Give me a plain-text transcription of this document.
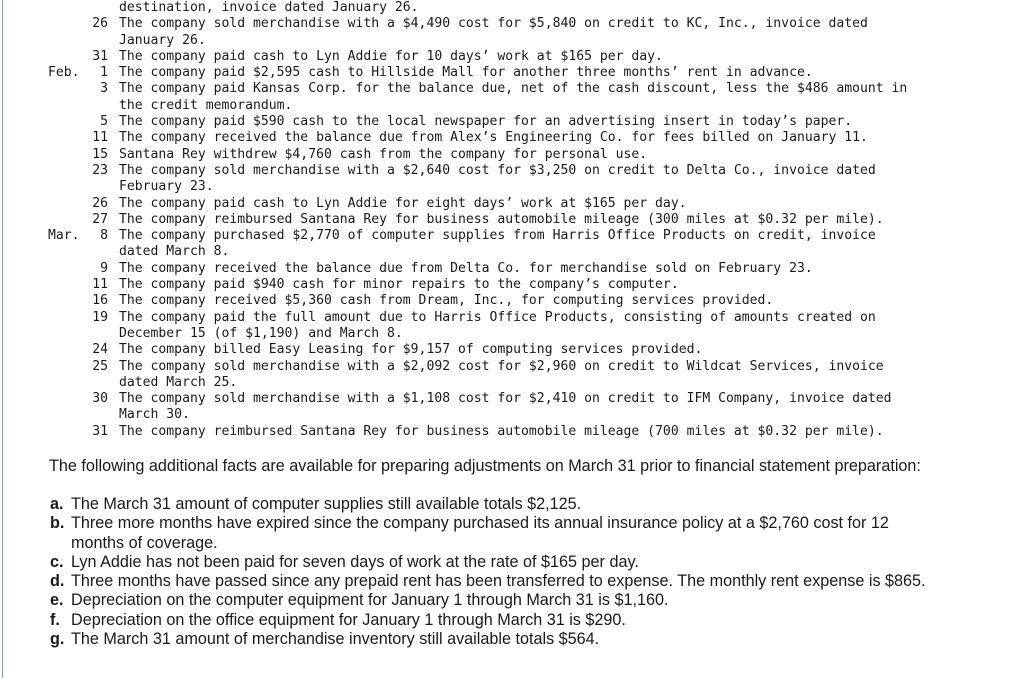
destination, invoice dated January 26.
26 The company sold merchandise with a $4,490 cost for $5,840 on credit to KC, Inc., invoice dated
January 26.
31 The company paid cash to Lyn Addie for 10 days’ work at $165 per day.
Feb.	1 The company paid $2,595 cash to Hillside Mall for another three months’ rent in advance.
3 The company paid Kansas Corp. for the balance due, net of the cash discount, less the $486 amount in
the credit memorandum.
5 The company paid $590 cash to the local newspaper for an advertising insert in today’s paper.
11 The company received the balance due from Alex’s Engineering Co. for fees billed on January 11.
15 Santana Rey withdrew $4,760 cash from the company for personal use.
23 The company sold merchandise with a $2,640 cost for $3,250 on credit to Delta Co., invoice dated
February 23.
26 The company paid cash to Lyn Addie for eight days’ work at $165 per day.
27 The company reimbursed Santana Rey for business automobile mileage (300 miles at $0.32 per mile).
Mar.	8 The company purchased $2,770 of computer supplies from Harris Office Products on credit, invoice
dated March 8.
9 The company received the balance due from Delta Co. for merchandise sold on February 23.
11 The company paid $940 cash for minor repairs to the company’s computer.
16 The company received $5,360 cash from Dream, Inc., for computing services provided.
19 The company paid the full amount due to Harris Office Products, consisting of amounts created on
December 15 (of $1,190) and March 8.
24 The company billed Easy Leasing for $9,157 of computing services provided.
25 The company sold merchandise with a $2,092 cost for $2,960 on credit to Wildcat Services, invoice
dated March 25.
30 The company sold merchandise with a $1,108 cost for $2,410 on credit to IFM Company, invoice dated
March 30.
31 The company reimbursed Santana Rey for business automobile mileage (700 miles at $0.32 per mile).
The following additional facts are available for preparing adjustments on March 31 prior to financial statement preparation:
a. The March 31 amount of computer supplies still available totals $2,125.
b. Three more months have expired since the company purchased its annual insurance policy at a $2,760 cost for 12
months of coverage.
c. Lyn Addie has not been paid for seven days of work at the rate of $165 per day.
d. Three months have passed since any prepaid rent has been transferred to expense. The monthly rent expense is $865.
e. Depreciation on the computer equipment for January 1 through March 31 is $1,160.
f. Depreciation on the office equipment for January 1 through March 31 is $290.
g. The March 31 amount of merchandise inventory still available totals $564.
